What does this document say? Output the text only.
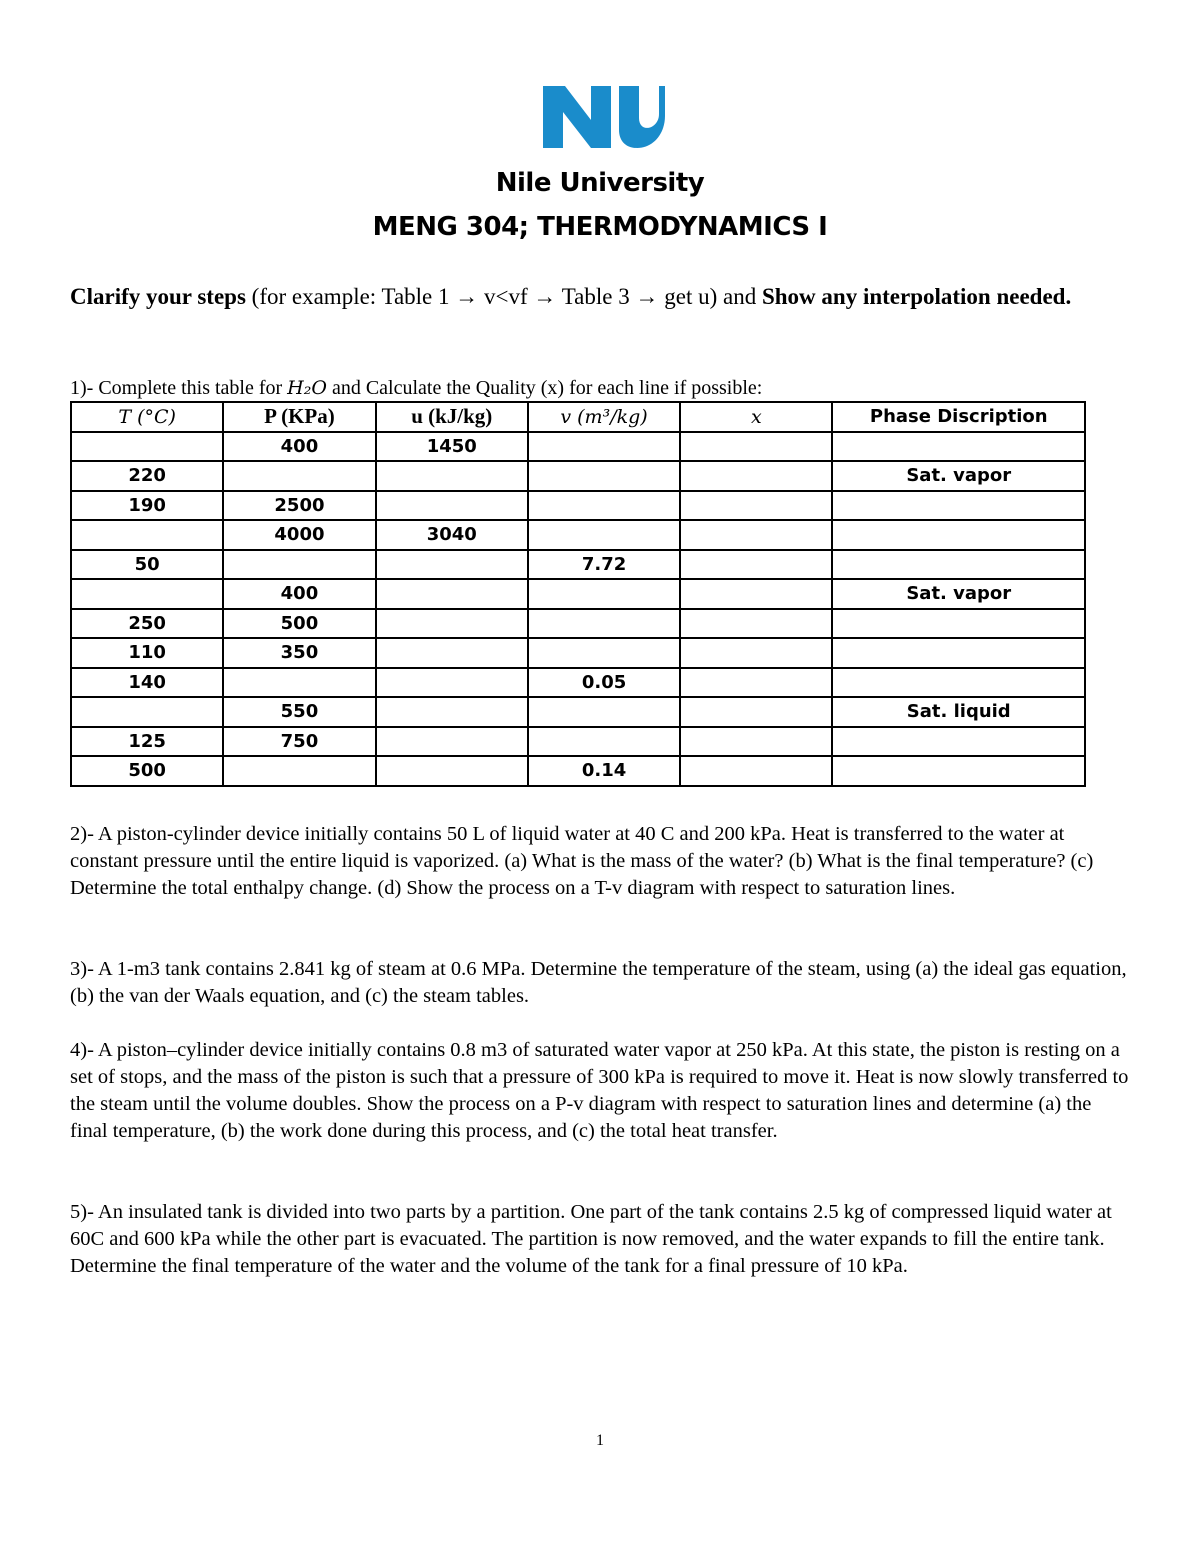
Nile University
MENG 304; THERMODYNAMICS I
Clarify your steps (for example: Table 1 → v<vf → Table 3 → get u) and Show any interpolation needed.
1)- Complete this table for H₂O and Calculate the Quality (x) for each line if possible:
T (°C)	P (KPa)	u (kJ/kg)	v (m³/kg)	x	Phase Discription
	400	1450			
220					Sat. vapor
190	2500				
	4000	3040			
50			7.72		
	400				Sat. vapor
250	500				
110	350				
140			0.05		
	550				Sat. liquid
125	750				
500			0.14		
2)- A piston-cylinder device initially contains 50 L of liquid water at 40 C and 200 kPa. Heat is transferred to the water at constant pressure until the entire liquid is vaporized. (a) What is the mass of the water? (b) What is the final temperature? (c) Determine the total enthalpy change. (d) Show the process on a T-v diagram with respect to saturation lines.
3)- A 1-m3 tank contains 2.841 kg of steam at 0.6 MPa. Determine the temperature of the steam, using (a) the ideal gas equation, (b) the van der Waals equation, and (c) the steam tables.
4)- A piston–cylinder device initially contains 0.8 m3 of saturated water vapor at 250 kPa. At this state, the piston is resting on a set of stops, and the mass of the piston is such that a pressure of 300 kPa is required to move it. Heat is now slowly transferred to the steam until the volume doubles. Show the process on a P-v diagram with respect to saturation lines and determine (a) the final temperature, (b) the work done during this process, and (c) the total heat transfer.
5)- An insulated tank is divided into two parts by a partition. One part of the tank contains 2.5 kg of compressed liquid water at 60C and 600 kPa while the other part is evacuated. The partition is now removed, and the water expands to fill the entire tank. Determine the final temperature of the water and the volume of the tank for a final pressure of 10 kPa.
1
